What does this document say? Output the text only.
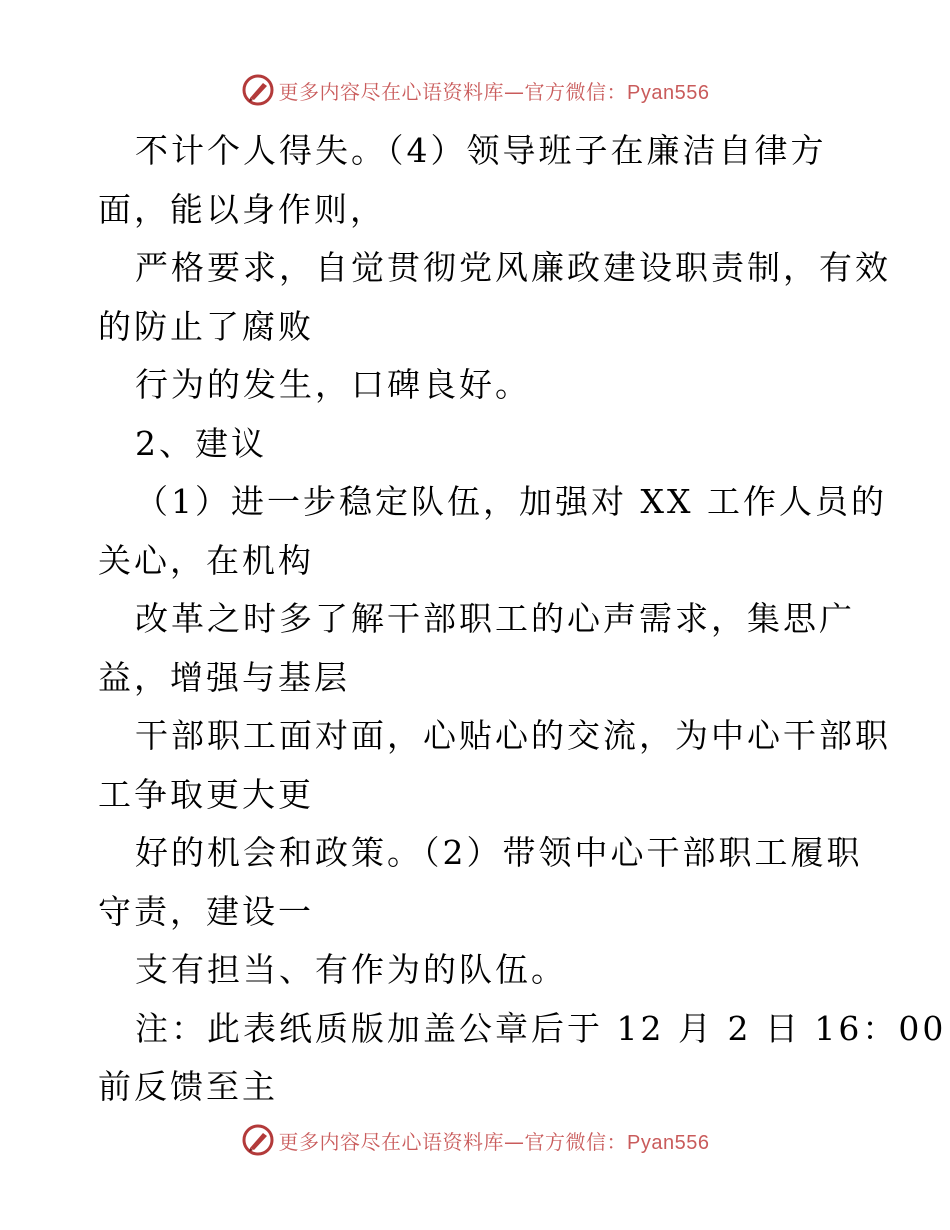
更多内容尽在心语资料库—官方微信：Pyan556
不计个人得失。（4）领导班子在廉洁自律方
面，能以身作则，
严格要求，自觉贯彻党风廉政建设职责制，有效
的防止了腐败
行为的发生，口碑良好。
2、建议
（1）进一步稳定队伍，加强对 XX 工作人员的
关心，在机构
改革之时多了解干部职工的心声需求，集思广
益，增强与基层
干部职工面对面，心贴心的交流，为中心干部职
工争取更大更
好的机会和政策。（2）带领中心干部职工履职
守责，建设一
支有担当、有作为的队伍。
注：此表纸质版加盖公章后于 12 月 2 日 16：00
前反馈至主
更多内容尽在心语资料库—官方微信：Pyan556
